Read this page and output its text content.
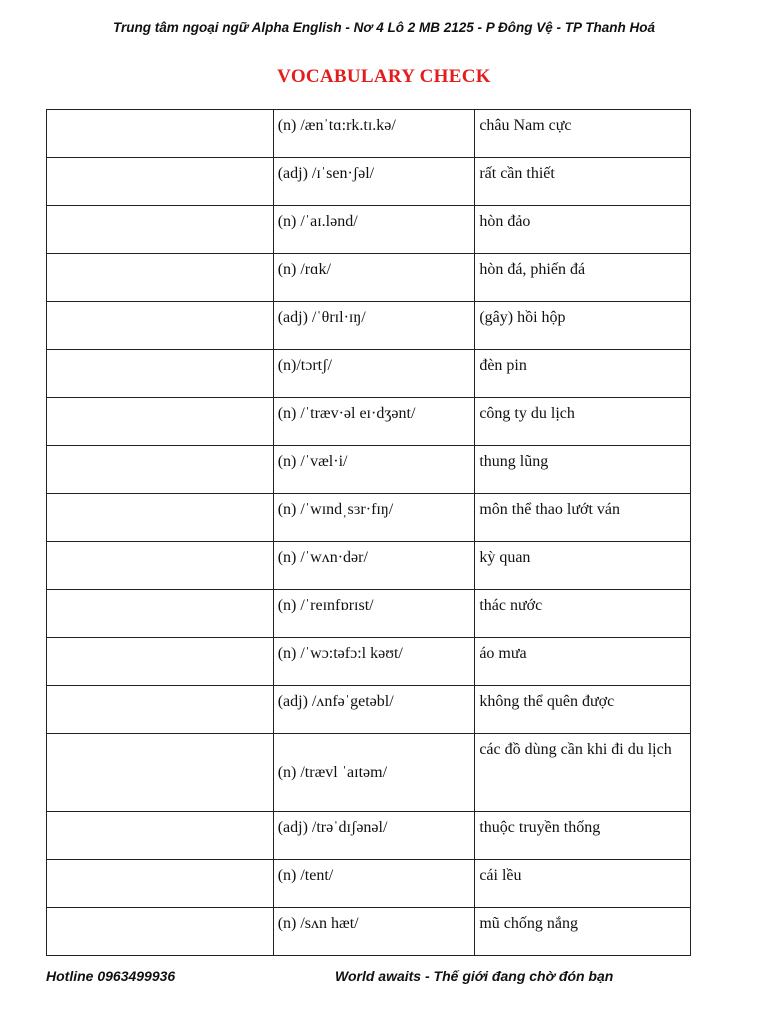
Trung tâm ngoại ngữ Alpha English - Nơ 4 Lô 2 MB 2125 - P Đông Vệ - TP Thanh Hoá
VOCABULARY CHECK
	(n) /ænˈtɑ:rk.tɪ.kə/	châu Nam cực
	(adj) /ɪˈsen·ʃəl/	rất cần thiết
	(n) /ˈaɪ.lənd/	hòn đảo
	(n) /rɑk/	hòn đá, phiến đá
	(adj) /ˈθrɪl·ɪŋ/	(gây) hồi hộp
	(n)/tɔrtʃ/	đèn pin
	(n) /ˈtræv·əl eɪ·dʒənt/	công ty du lịch
	(n) /ˈvæl·i/	thung lũng
	(n) /ˈwɪndˌsɜr·fɪŋ/	môn thể thao lướt ván
	(n) /ˈwʌn·dər/	kỳ quan
	(n) /ˈreɪnfɒrɪst/	thác nước
	(n) /ˈwɔ:təfɔ:l kəʊt/	áo mưa
	(adj) /ʌnfəˈgetəbl/	không thể quên được
	(n) /trævl ˈaɪtəm/	các đồ dùng cần khi đi du lịch
	(adj) /trəˈdɪʃənəl/	thuộc truyền thống
	(n) /tent/	cái lều
	(n) /sʌn hæt/	mũ chống nắng
Hotline 0963499936	World awaits - Thế giới đang chờ đón bạn
